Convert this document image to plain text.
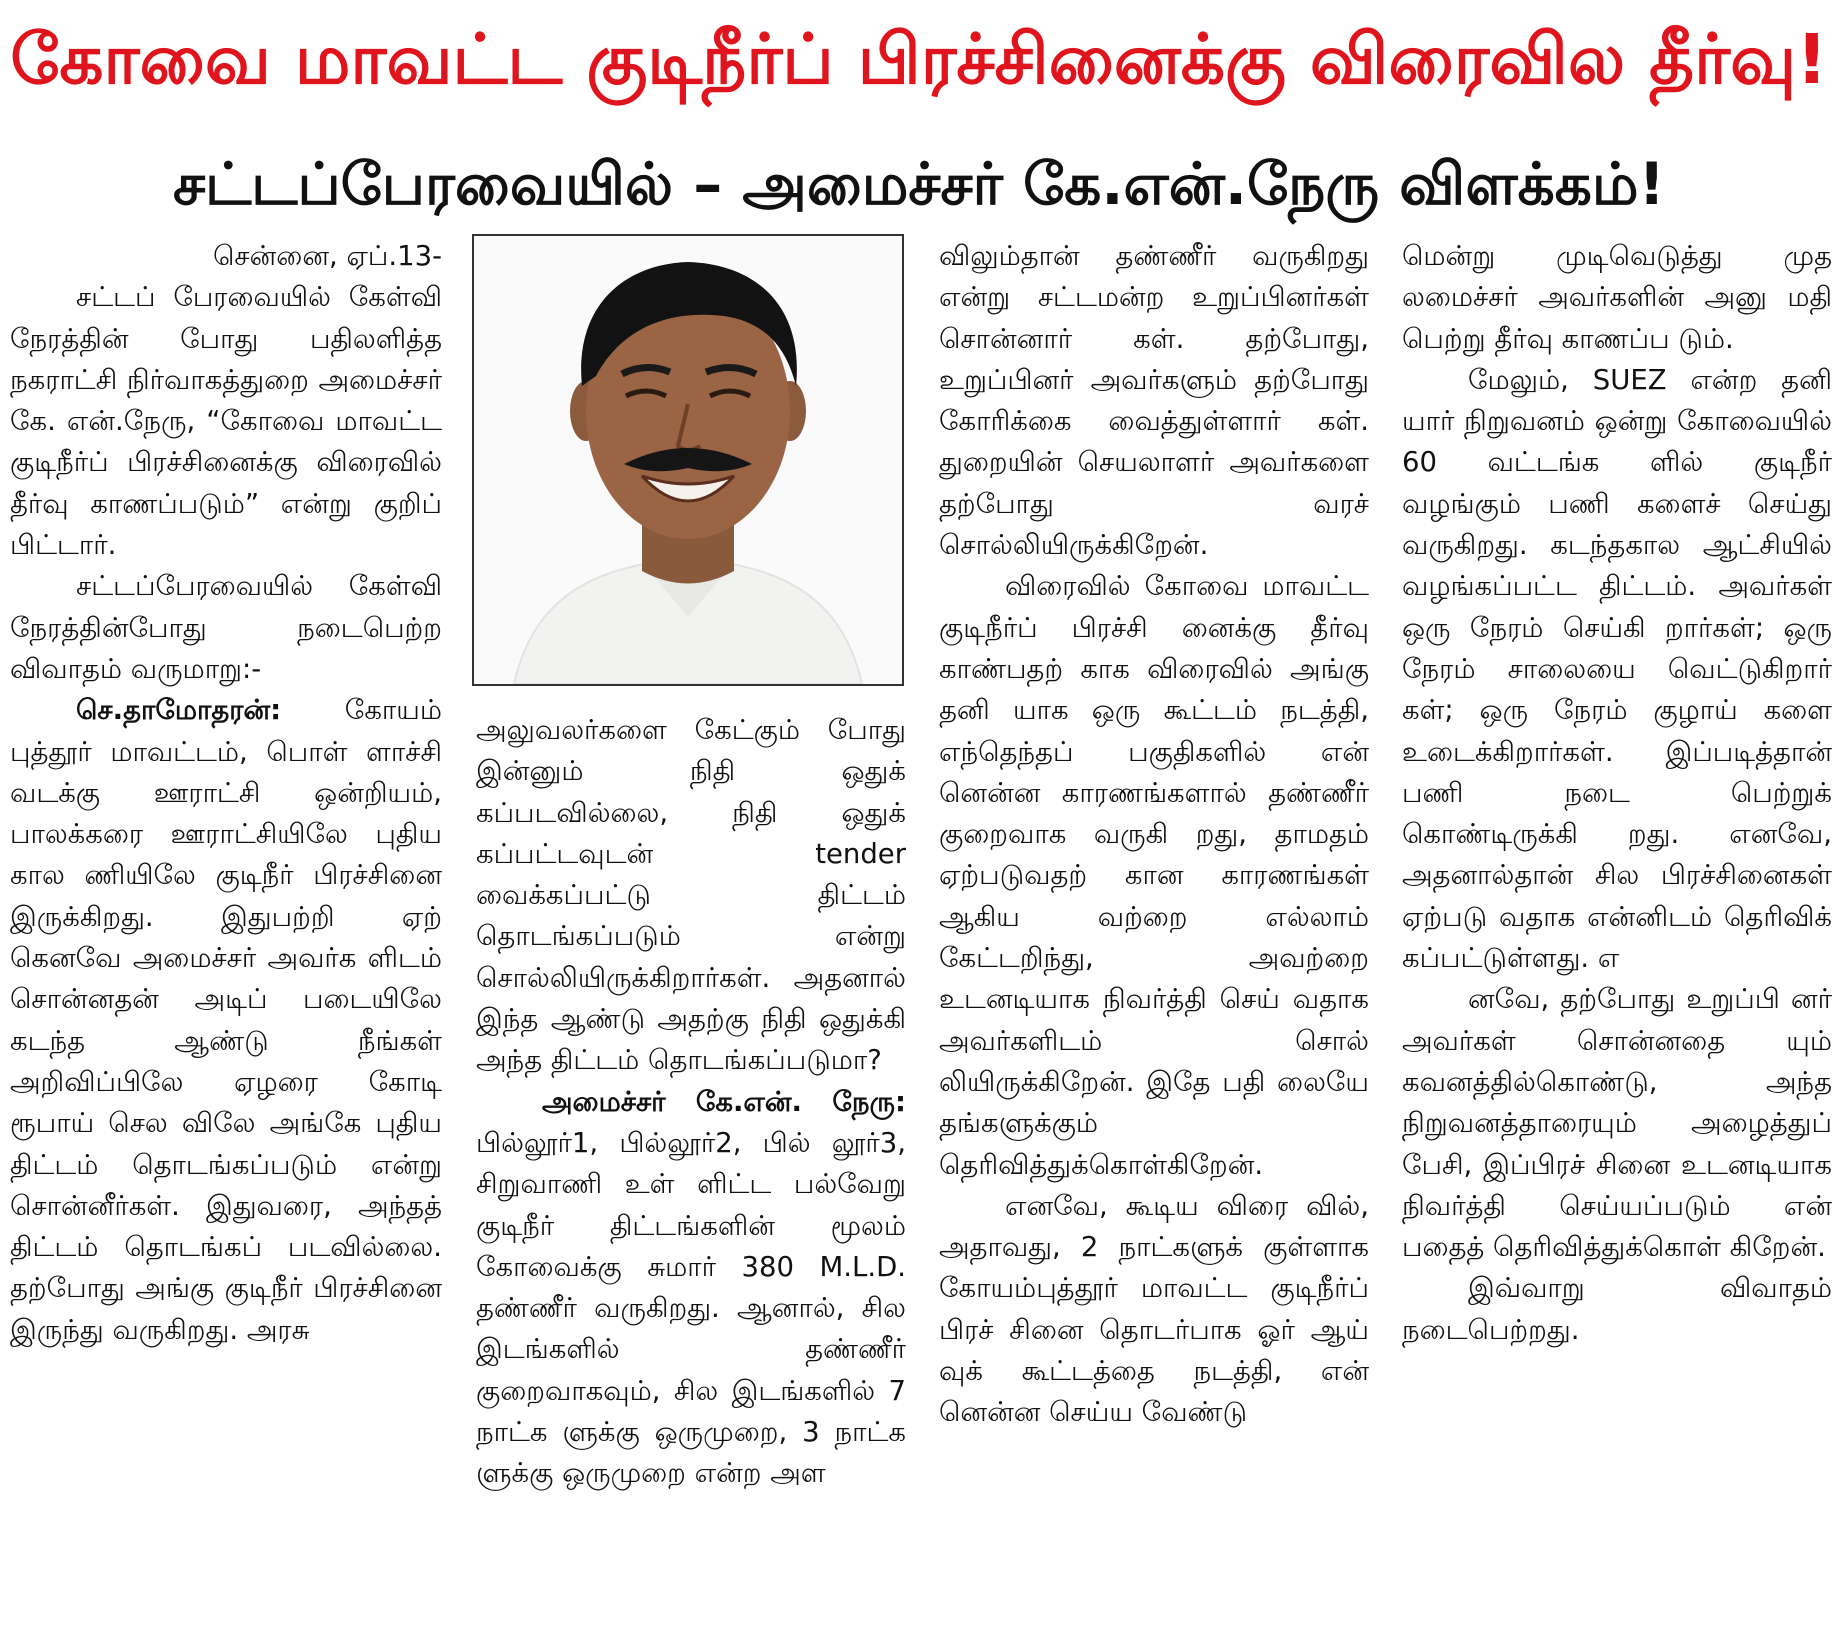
கோவை மாவட்ட குடிநீர்ப் பிரச்சினைக்கு விரைவில தீர்வு!
சட்டப்பேரவையில் – அமைச்சர் கே.என்.நேரு விளக்கம்!

சென்னை, ஏப்.13-

சட்டப் பேரவையில் கேள்வி நேரத்தின் போது பதிலளித்த நகராட்சி நிர்வாகத்துறை அமைச்சர் கே. என்.நேரு, “கோவை மாவட்ட குடிநீர்ப் பிரச்சினைக்கு விரைவில் தீர்வு காணப்படும்” என்று குறிப் பிட்டார்.

சட்டப்பேரவையில் கேள்வி நேரத்தின்போது நடைபெற்ற விவாதம் வருமாறு:-

செ.தாமோதரன்: கோயம் புத்தூர் மாவட்டம், பொள் ளாச்சி வடக்கு ஊராட்சி ஒன்றியம், பாலக்கரை ஊராட்சியிலே புதிய கால ணியிலே குடிநீர் பிரச்சினை இருக்கிறது. இதுபற்றி ஏற் கெனவே அமைச்சர் அவர்க ளிடம் சொன்னதன் அடிப் படையிலே கடந்த ஆண்டு நீங்கள் அறிவிப்பிலே ஏழரை கோடி ரூபாய் செல விலே அங்கே புதிய திட்டம் தொடங்கப்படும் என்று சொன்னீர்கள். இதுவரை, அந்தத் திட்டம் தொடங்கப் படவில்லை. தற்போது அங்கு குடிநீர் பிரச்சினை இருந்து வருகிறது. அரசு

அலுவலர்களை கேட்கும் போது இன்னும் நிதி ஒதுக் கப்படவில்லை, நிதி ஒதுக் கப்பட்டவுடன் tender வைக்கப்பட்டு திட்டம் தொடங்கப்படும் என்று சொல்லியிருக்கிறார்கள். அதனால் இந்த ஆண்டு அதற்கு நிதி ஒதுக்கி அந்த திட்டம் தொடங்கப்படுமா?

அமைச்சர் கே.என். நேரு: பில்லூர்1, பில்லூர்2, பில் லூர்3, சிறுவாணி உள் ளிட்ட பல்வேறு குடிநீர் திட்டங்களின் மூலம் கோவைக்கு சுமார் 380 M.L.D. தண்ணீர் வருகிறது. ஆனால், சில இடங்களில் தண்ணீர் குறைவாகவும், சில இடங்களில் 7 நாட்க ளுக்கு ஒருமுறை, 3 நாட்க ளுக்கு ஒருமுறை என்ற அள

விலும்தான் தண்ணீர் வருகிறது என்று சட்டமன்ற உறுப்பினர்கள் சொன்னார் கள். தற்போது, உறுப்பினர் அவர்களும் தற்போது கோரிக்கை வைத்துள்ளார் கள். துறையின் செயலாளர் அவர்களை தற்போது வரச் சொல்லியிருக்கிறேன்.

விரைவில் கோவை மாவட்ட குடிநீர்ப் பிரச்சி னைக்கு தீர்வு காண்பதற் காக விரைவில் அங்கு தனி யாக ஒரு கூட்டம் நடத்தி, எந்தெந்தப் பகுதிகளில் என் னென்ன காரணங்களால் தண்ணீர் குறைவாக வருகி றது, தாமதம் ஏற்படுவதற் கான காரணங்கள் ஆகிய வற்றை எல்லாம் கேட்டறிந்து, அவற்றை உடனடியாக நிவர்த்தி செய் வதாக அவர்களிடம் சொல் லியிருக்கிறேன். இதே பதி லையே தங்களுக்கும் தெரிவித்துக்கொள்கிறேன்.

எனவே, கூடிய விரை வில், அதாவது, 2 நாட்களுக் குள்ளாக கோயம்புத்தூர் மாவட்ட குடிநீர்ப் பிரச் சினை தொடர்பாக ஓர் ஆய் வுக் கூட்டத்தை நடத்தி, என் னென்ன செய்ய வேண்டு

மென்று முடிவெடுத்து முத லமைச்சர் அவர்களின் அனு மதி பெற்று தீர்வு காணப்ப டும்.

மேலும், SUEZ என்ற தனி யார் நிறுவனம் ஒன்று கோவையில் 60 வட்டங்க ளில் குடிநீர் வழங்கும் பணி களைச் செய்து வருகிறது. கடந்தகால ஆட்சியில் வழங்கப்பட்ட திட்டம். அவர்கள் ஒரு நேரம் செய்கி றார்கள்; ஒரு நேரம் சாலையை வெட்டுகிறார் கள்; ஒரு நேரம் குழாய் களை உடைக்கிறார்கள். இப்படித்தான் பணி நடை பெற்றுக் கொண்டிருக்கி றது. எனவே, அதனால்தான் சில பிரச்சினைகள் ஏற்படு வதாக என்னிடம் தெரிவிக் கப்பட்டுள்ளது. எ

னவே, தற்போது உறுப்பி னர் அவர்கள் சொன்னதை யும் கவனத்தில்கொண்டு, அந்த நிறுவனத்தாரையும் அழைத்துப் பேசி, இப்பிரச் சினை உடனடியாக நிவர்த்தி செய்யப்படும் என் பதைத் தெரிவித்துக்கொள் கிறேன்.

இவ்வாறு விவாதம் நடைபெற்றது.
